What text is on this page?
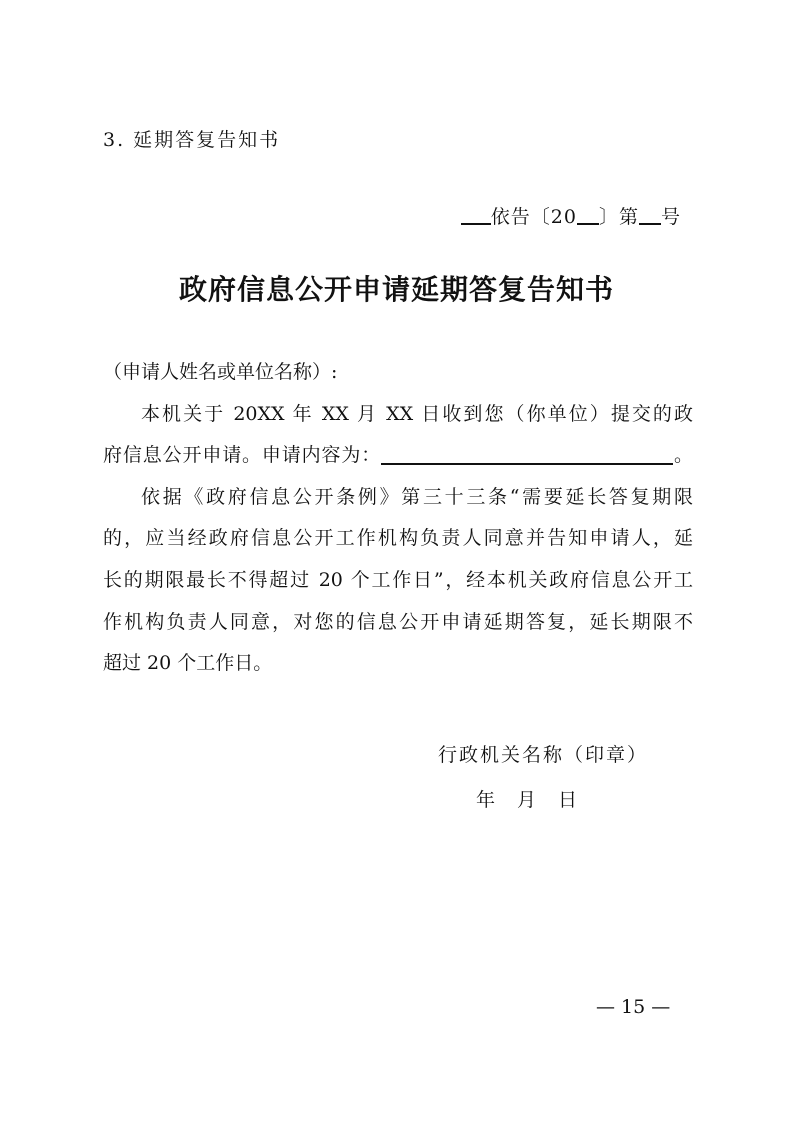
3. 延期答复告知书
依告〔20 〕第 号
政府信息公开申请延期答复告知书
（申请人姓名或单位名称）:
本机关于 20XX 年 XX 月 XX 日收到您（你单位）提交的政
府信息公开申请。申请内容为：	。
依据《政府信息公开条例》第三十三条“需要延长答复期限
的，应当经政府信息公开工作机构负责人同意并告知申请人，延
长的期限最长不得超过 20 个工作日”，经本机关政府信息公开工
作机构负责人同意，对您的信息公开申请延期答复，延长期限不
超过 20 个工作日。
行政机关名称（印章）
年 月 日
— 15 —
